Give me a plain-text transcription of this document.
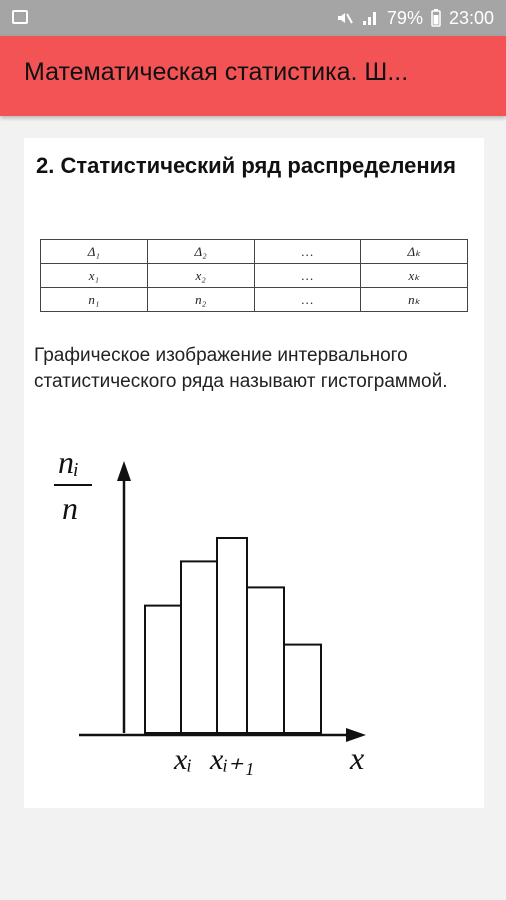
79% 23:00
Математическая статистика. Ш...
2. Статистический ряд распределения
Δ₁	Δ₂	…	Δₖ
x₁	x₂	…	xₖ
n₁	n₂	…	nₖ

Графическое изображение интервального статистического ряда называют гистограммой.

nᵢ
n
x
xᵢ xᵢ₊₁
